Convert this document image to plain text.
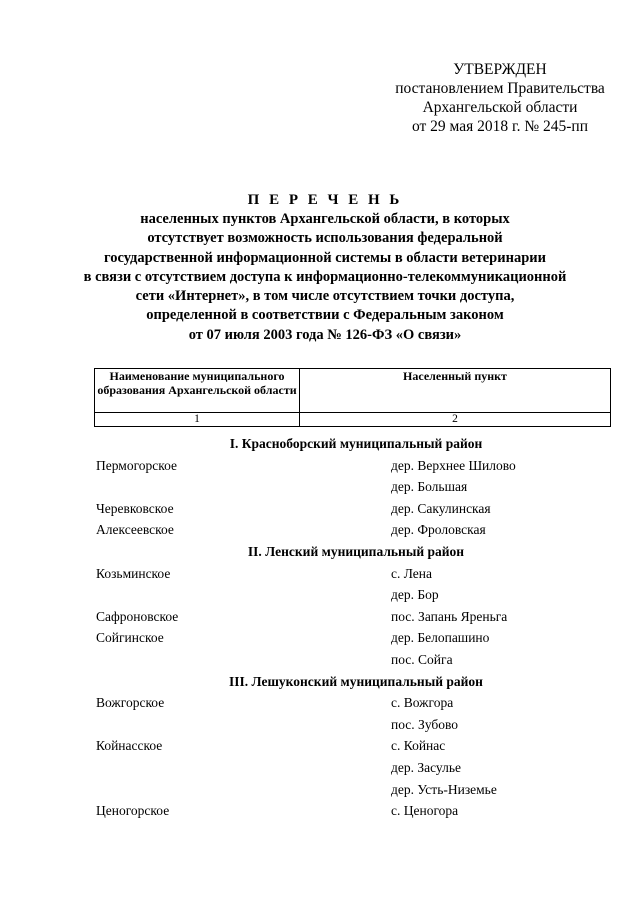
УТВЕРЖДЕН
постановлением Правительства
Архангельской области
от 29 мая 2018 г. № 245-пп
П Е Р Е Ч Е Н Ь
населенных пунктов Архангельской области, в которых
отсутствует возможность использования федеральной
государственной информационной системы в области ветеринарии
в связи с отсутствием доступа к информационно-телекоммуникационной
сети «Интернет», в том числе отсутствием точки доступа,
определенной в соответствии с Федеральным законом
от 07 июля 2003 года № 126-ФЗ «О связи»
Наименование муниципального образования Архангельской области	Населенный пункт
1	2
I. Красноборский муниципальный район
Пермогорское	дер. Верхнее Шилово
дер. Большая
Черевковское	дер. Сакулинская
Алексеевское	дер. Фроловская
II. Ленский муниципальный район
Козьминское	с. Лена
дер. Бор
Сафроновское	пос. Запань Яреньга
Сойгинское	дер. Белопашино
пос. Сойга
III. Лешуконский муниципальный район
Вожгорское	с. Вожгора
пос. Зубово
Койнасское	с. Койнас
дер. Засулье
дер. Усть-Низемье
Ценогорское	с. Ценогора
